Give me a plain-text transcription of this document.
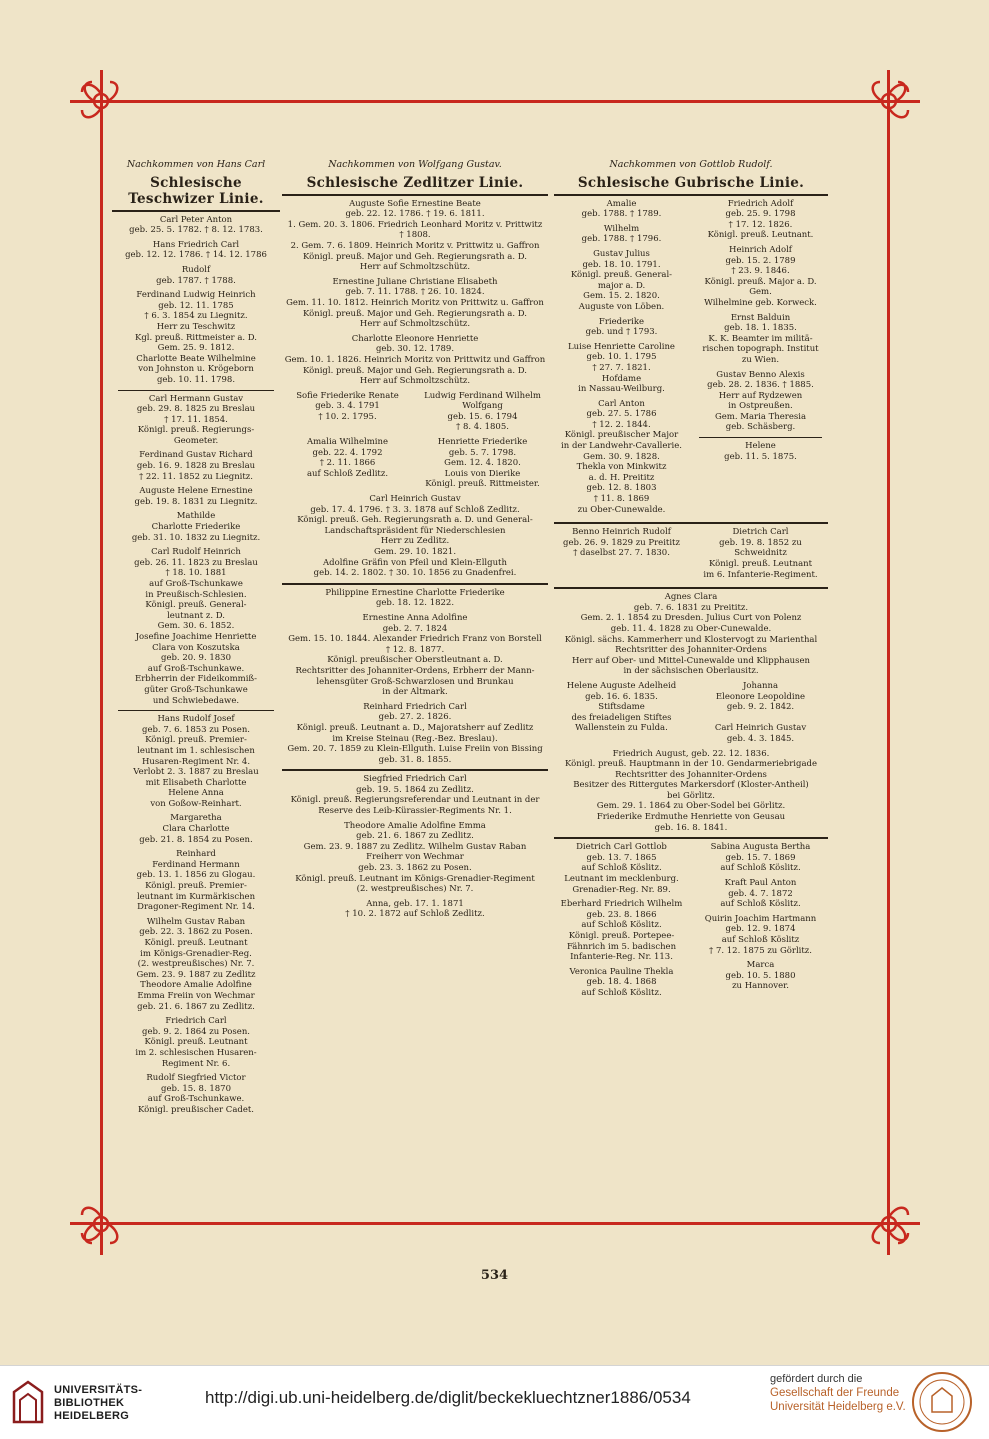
Nachkommen von Hans Carl
Schlesische Teschwizer Linie.
Carl Peter Anton
geb. 25. 5. 1782. † 8. 12. 1783.
Hans Friedrich Carl
geb. 12. 12. 1786. † 14. 12. 1786
Rudolf
geb. 1787. † 1788.
Ferdinand Ludwig Heinrich
geb. 12. 11. 1785
† 6. 3. 1854 zu Liegnitz.
Herr zu Teschwitz
Kgl. preuß. Rittmeister a. D.
Gem. 25. 9. 1812.
Charlotte Beate Wilhelmine
von Johnston u. Krögeborn
geb. 10. 11. 1798.
Carl Hermann Gustav
geb. 29. 8. 1825 zu Breslau
† 17. 11. 1854.
Königl. preuß. Regierungs-
Geometer.
Ferdinand Gustav Richard
geb. 16. 9. 1828 zu Breslau
† 22. 11. 1852 zu Liegnitz.
Auguste Helene Ernestine
geb. 19. 8. 1831 zu Liegnitz.
Mathilde
Charlotte Friederike
geb. 31. 10. 1832 zu Liegnitz.
Carl Rudolf Heinrich
geb. 26. 11. 1823 zu Breslau
† 18. 10. 1881
auf Groß-Tschunkawe
in Preußisch-Schlesien.
Königl. preuß. General-
leutnant z. D.
Gem. 30. 6. 1852.
Josefine Joachime Henriette
Clara von Koszutska
geb. 20. 9. 1830
auf Groß-Tschunkawe.
Erbherrin der Fideikommiß-
güter Groß-Tschunkawe
und Schwiebedawe.
Hans Rudolf Josef
geb. 7. 6. 1853 zu Posen.
Königl. preuß. Premier-
leutnant im 1. schlesischen
Husaren-Regiment Nr. 4.
Verlobt 2. 3. 1887 zu Breslau
mit Elisabeth Charlotte
Helene Anna
von Goßow-Reinhart.
Margaretha
Clara Charlotte
geb. 21. 8. 1854 zu Posen.
Reinhard
Ferdinand Hermann
geb. 13. 1. 1856 zu Glogau.
Königl. preuß. Premier-
leutnant im Kurmärkischen
Dragoner-Regiment Nr. 14.
Wilhelm Gustav Raban
geb. 22. 3. 1862 zu Posen.
Königl. preuß. Leutnant
im Königs-Grenadier-Reg.
(2. westpreußisches) Nr. 7.
Gem. 23. 9. 1887 zu Zedlitz
Theodore Amalie Adolfine
Emma Freiin von Wechmar
geb. 21. 6. 1867 zu Zedlitz.
Friedrich Carl
geb. 9. 2. 1864 zu Posen.
Königl. preuß. Leutnant
im 2. schlesischen Husaren-
Regiment Nr. 6.
Rudolf Siegfried Victor
geb. 15. 8. 1870
auf Groß-Tschunkawe.
Königl. preußischer Cadet.
Nachkommen von Wolfgang Gustav.
Schlesische Zedlitzer Linie.
Auguste Sofie Ernestine Beate
geb. 22. 12. 1786. † 19. 6. 1811.
1. Gem. 20. 3. 1806. Friedrich Leonhard Moritz v. Prittwitz
† 1808.
2. Gem. 7. 6. 1809. Heinrich Moritz v. Prittwitz u. Gaffron
Königl. preuß. Major und Geh. Regierungsrath a. D.
Herr auf Schmoltzschütz.
Ernestine Juliane Christiane Elisabeth
geb. 7. 11. 1788. † 26. 10. 1824.
Gem. 11. 10. 1812. Heinrich Moritz von Prittwitz u. Gaffron
Königl. preuß. Major und Geh. Regierungsrath a. D.
Herr auf Schmoltzschütz.
Charlotte Eleonore Henriette
geb. 30. 12. 1789.
Gem. 10. 1. 1826. Heinrich Moritz von Prittwitz und Gaffron
Königl. preuß. Major und Geh. Regierungsrath a. D.
Herr auf Schmoltzschütz.
Sofie Friederike Renate
geb. 3. 4. 1791
† 10. 2. 1795.
Ludwig Ferdinand Wilhelm
Wolfgang
geb. 15. 6. 1794
† 8. 4. 1805.
Amalia Wilhelmine
geb. 22. 4. 1792
† 2. 11. 1866
auf Schloß Zedlitz.
Henriette Friederike
geb. 5. 7. 1798.
Gem. 12. 4. 1820.
Louis von Dierike
Königl. preuß. Rittmeister.
Carl Heinrich Gustav
geb. 17. 4. 1796. † 3. 3. 1878 auf Schloß Zedlitz.
Königl. preuß. Geh. Regierungsrath a. D. und General-
Landschaftspräsident für Niederschlesien
Herr zu Zedlitz.
Gem. 29. 10. 1821.
Adolfine Gräfin von Pfeil und Klein-Ellguth
geb. 14. 2. 1802. † 30. 10. 1856 zu Gnadenfrei.
Philippine Ernestine Charlotte Friederike
geb. 18. 12. 1822.
Ernestine Anna Adolfine
geb. 2. 7. 1824
Gem. 15. 10. 1844. Alexander Friedrich Franz von Borstell
† 12. 8. 1877.
Königl. preußischer Oberstleutnant a. D.
Rechtsritter des Johanniter-Ordens, Erbherr der Mann-
lehensgüter Groß-Schwarzlosen und Brunkau
in der Altmark.
Reinhard Friedrich Carl
geb. 27. 2. 1826.
Königl. preuß. Leutnant a. D., Majoratsherr auf Zedlitz
im Kreise Steinau (Reg.-Bez. Breslau).
Gem. 20. 7. 1859 zu Klein-Ellguth. Luise Freiin von Bissing
geb. 31. 8. 1855.
Siegfried Friedrich Carl
geb. 19. 5. 1864 zu Zedlitz.
Königl. preuß. Regierungsreferendar und Leutnant in der
Reserve des Leib-Kürassier-Regiments Nr. 1.
Theodore Amalie Adolfine Emma
geb. 21. 6. 1867 zu Zedlitz.
Gem. 23. 9. 1887 zu Zedlitz. Wilhelm Gustav Raban
Freiherr von Wechmar
geb. 23. 3. 1862 zu Posen.
Königl. preuß. Leutnant im Königs-Grenadier-Regiment
(2. westpreußisches) Nr. 7.
Anna, geb. 17. 1. 1871
† 10. 2. 1872 auf Schloß Zedlitz.
Nachkommen von Gottlob Rudolf.
Schlesische Gubrische Linie.
Amalie
geb. 1788. † 1789.
Wilhelm
geb. 1788. † 1796.
Gustav Julius
geb. 18. 10. 1791.
Königl. preuß. General-
major a. D.
Gem. 15. 2. 1820.
Auguste von Löben.
Friederike
geb. und † 1793.
Luise Henriette Caroline
geb. 10. 1. 1795
† 27. 7. 1821.
Hofdame
in Nassau-Weilburg.
Carl Anton
geb. 27. 5. 1786
† 12. 2. 1844.
Königl. preußischer Major
in der Landwehr-Cavallerie.
Gem. 30. 9. 1828.
Thekla von Minkwitz
a. d. H. Preititz
geb. 12. 8. 1803
† 11. 8. 1869
zu Ober-Cunewalde.
Friedrich Adolf
geb. 25. 9. 1798
† 17. 12. 1826.
Königl. preuß. Leutnant.
Heinrich Adolf
geb. 15. 2. 1789
† 23. 9. 1846.
Königl. preuß. Major a. D.
Gem.
Wilhelmine geb. Korweck.
Ernst Balduin
geb. 18. 1. 1835.
K. K. Beamter im militä-
rischen topograph. Institut
zu Wien.
Gustav Benno Alexis
geb. 28. 2. 1836. † 1885.
Herr auf Rydzewen
in Ostpreußen.
Gem. Maria Theresia
geb. Schäsberg.
Helene
geb. 11. 5. 1875.
Benno Heinrich Rudolf
geb. 26. 9. 1829 zu Preititz
† daselbst 27. 7. 1830.
Dietrich Carl
geb. 19. 8. 1852 zu Schweidnitz
Königl. preuß. Leutnant
im 6. Infanterie-Regiment.
Agnes Clara
geb. 7. 6. 1831 zu Preititz.
Gem. 2. 1. 1854 zu Dresden. Julius Curt von Polenz
geb. 11. 4. 1828 zu Ober-Cunewalde.
Königl. sächs. Kammerherr und Klostervogt zu Marienthal
Rechtsritter des Johanniter-Ordens
Herr auf Ober- und Mittel-Cunewalde und Klipphausen
in der sächsischen Oberlausitz.
Helene Auguste Adelheid
geb. 16. 6. 1835.
Stiftsdame
des freiadeligen Stiftes
Wallenstein zu Fulda.
Johanna
Eleonore Leopoldine
geb. 9. 2. 1842.

Carl Heinrich Gustav
geb. 4. 3. 1845.
Friedrich August, geb. 22. 12. 1836.
Königl. preuß. Hauptmann in der 10. Gendarmeriebrigade
Rechtsritter des Johanniter-Ordens
Besitzer des Rittergutes Markersdorf (Kloster-Antheil)
bei Görlitz.
Gem. 29. 1. 1864 zu Ober-Sodel bei Görlitz.
Friederike Erdmuthe Henriette von Geusau
geb. 16. 8. 1841.
Dietrich Carl Gottlob
geb. 13. 7. 1865
auf Schloß Köslitz.
Leutnant im mecklenburg.
Grenadier-Reg. Nr. 89.
Eberhard Friedrich Wilhelm
geb. 23. 8. 1866
auf Schloß Köslitz.
Königl. preuß. Portepee-
Fähnrich im 5. badischen
Infanterie-Reg. Nr. 113.
Veronica Pauline Thekla
geb. 18. 4. 1868
auf Schloß Köslitz.
Sabina Augusta Bertha
geb. 15. 7. 1869
auf Schloß Köslitz.
Kraft Paul Anton
geb. 4. 7. 1872
auf Schloß Köslitz.
Quirin Joachim Hartmann
geb. 12. 9. 1874
auf Schloß Köslitz
† 7. 12. 1875 zu Görlitz.
Marca
geb. 10. 5. 1880
zu Hannover.
534
UNIVERSITÄTS-
BIBLIOTHEK
HEIDELBERG
http://digi.ub.uni-heidelberg.de/diglit/beckekluechtzner1886/0534
gefördert durch die
Gesellschaft der Freunde
Universität Heidelberg e.V.
